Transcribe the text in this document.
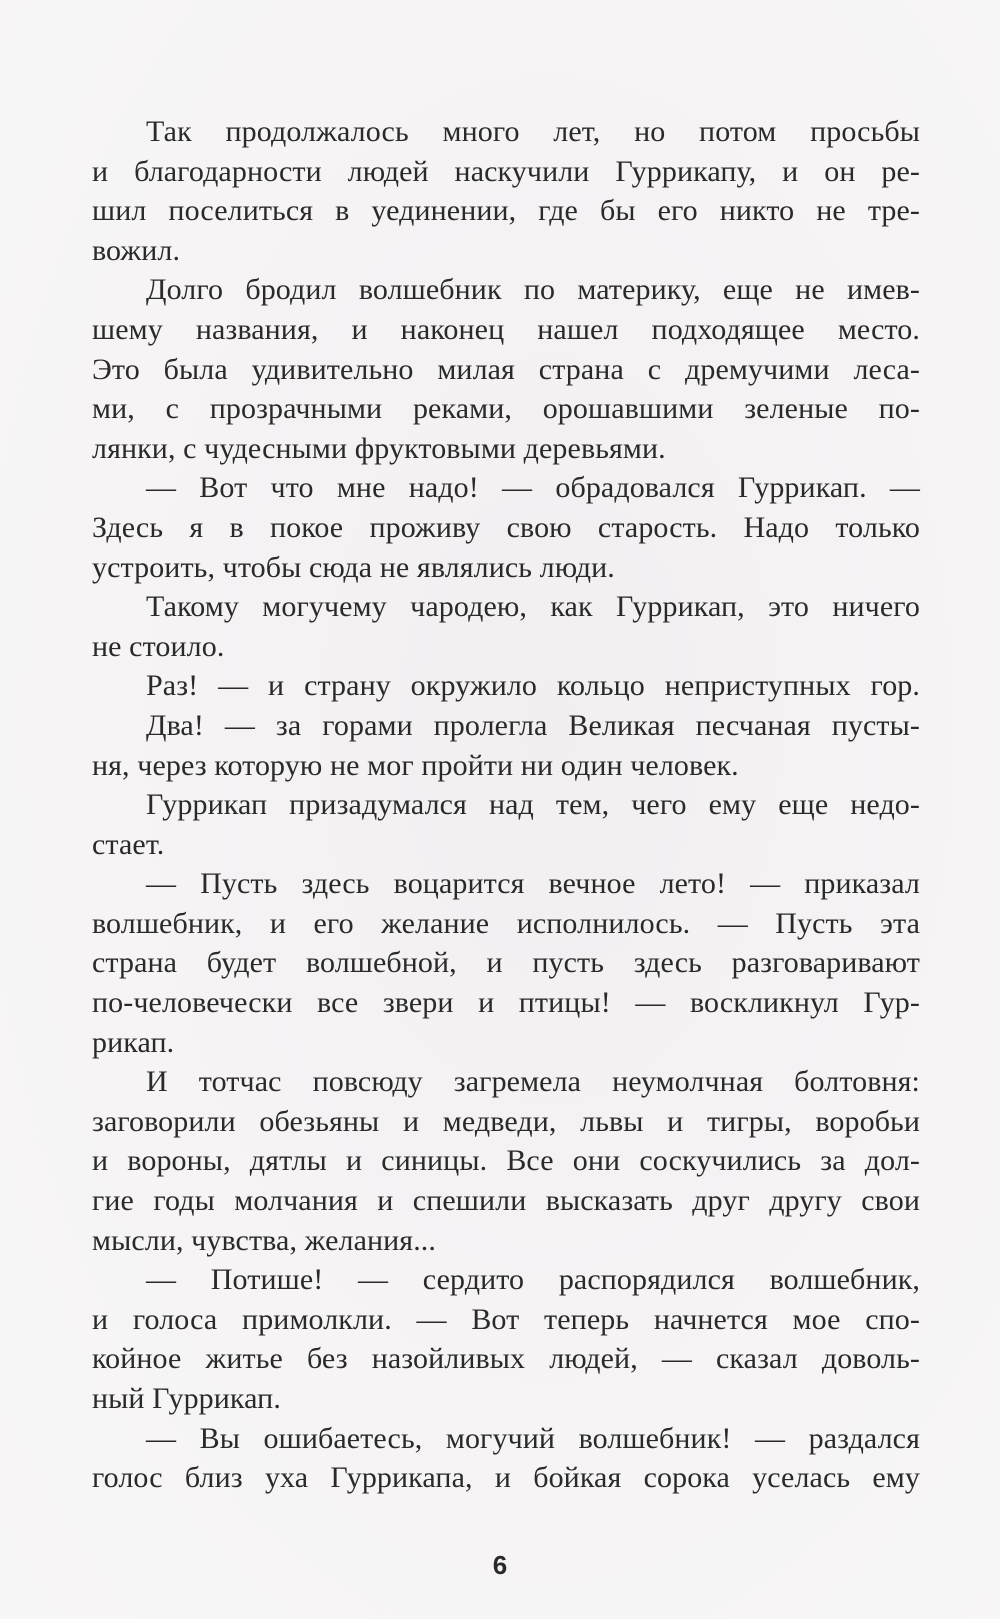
Так продолжалось много лет, но потом просьбы
и благодарности людей наскучили Гуррикапу, и он ре-
шил поселиться в уединении, где бы его никто не тре-
вожил.
Долго бродил волшебник по материку, еще не имев-
шему названия, и наконец нашел подходящее место.
Это была удивительно милая страна с дремучими леса-
ми, с прозрачными реками, орошавшими зеленые по-
лянки, с чудесными фруктовыми деревьями.
— Вот что мне надо! — обрадовался Гуррикап. —
Здесь я в покое проживу свою старость. Надо только
устроить, чтобы сюда не являлись люди.
Такому могучему чародею, как Гуррикап, это ничего
не стоило.
Раз! — и страну окружило кольцо неприступных гор.
Два! — за горами пролегла Великая песчаная пусты-
ня, через которую не мог пройти ни один человек.
Гуррикап призадумался над тем, чего ему еще недо-
стает.
— Пусть здесь воцарится вечное лето! — приказал
волшебник, и его желание исполнилось. — Пусть эта
страна будет волшебной, и пусть здесь разговаривают
по-человечески все звери и птицы! — воскликнул Гур-
рикап.
И тотчас повсюду загремела неумолчная болтовня:
заговорили обезьяны и медведи, львы и тигры, воробьи
и вороны, дятлы и синицы. Все они соскучились за дол-
гие годы молчания и спешили высказать друг другу свои
мысли, чувства, желания...
— Потише! — сердито распорядился волшебник,
и голоса примолкли. — Вот теперь начнется мое спо-
койное житье без назойливых людей, — сказал доволь-
ный Гуррикап.
— Вы ошибаетесь, могучий волшебник! — раздался
голос близ уха Гуррикапа, и бойкая сорока уселась ему
6
